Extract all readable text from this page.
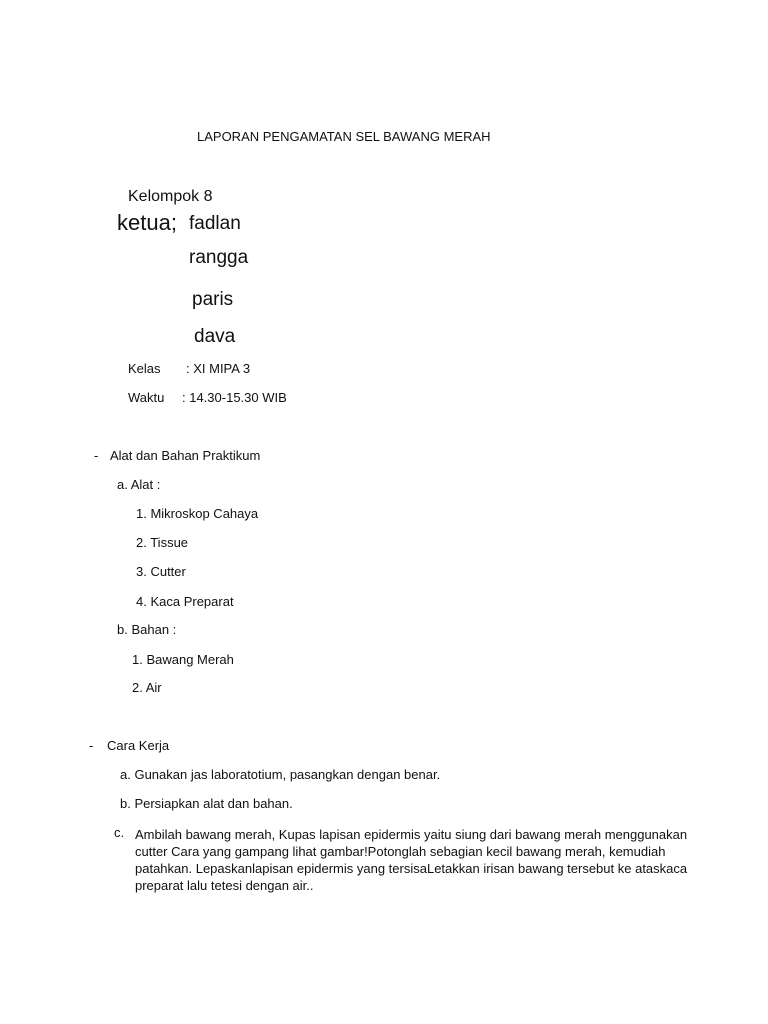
LAPORAN PENGAMATAN SEL BAWANG MERAH
Kelompok 8
ketua; fadlan
rangga
paris
dava
Kelas : XI MIPA 3
Waktu : 14.30-15.30 WIB
- Alat dan Bahan Praktikum
a. Alat :
1. Mikroskop Cahaya
2. Tissue
3. Cutter
4. Kaca Preparat
b. Bahan :
1. Bawang Merah
2. Air
- Cara Kerja
a. Gunakan jas laboratotium, pasangkan dengan benar.
b. Persiapkan alat dan bahan.
c. Ambilah bawang merah, Kupas lapisan epidermis yaitu siung dari bawang merah menggunakan cutter Cara yang gampang lihat gambar!Potonglah sebagian kecil bawang merah, kemudiah patahkan. Lepaskanlapisan epidermis yang tersisaLetakkan irisan bawang tersebut ke ataskaca preparat lalu tetesi dengan air..
